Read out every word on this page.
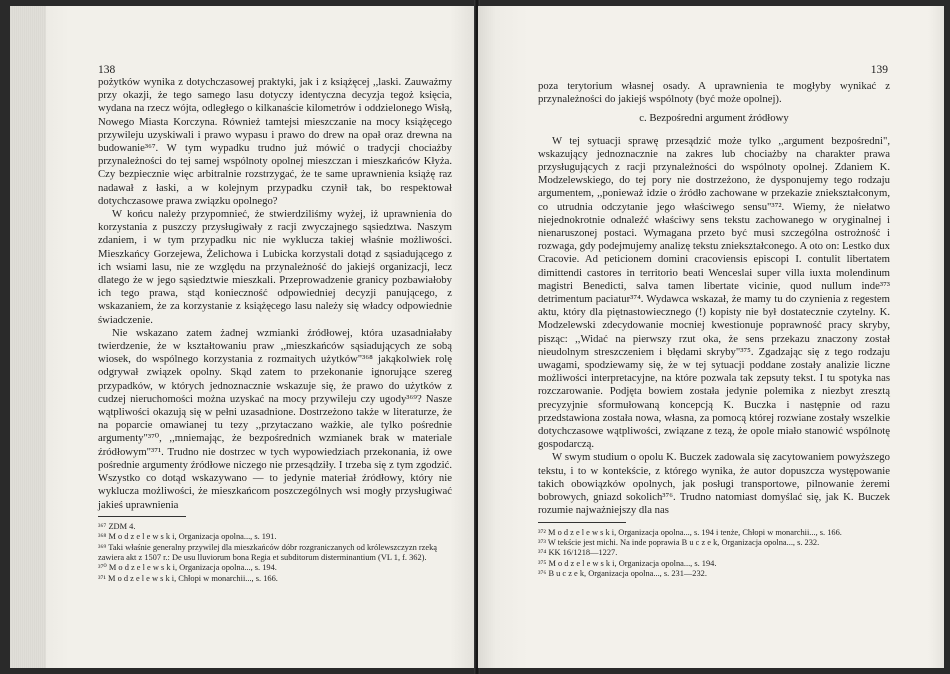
138

pożytków wynika z dotychczasowej praktyki, jak i z książęcej ,,laski. Zauważmy przy okazji, że tego samego lasu dotyczy identyczna decyzja tegoż księcia, wydana na rzecz wójta, odległego o kilkanaście kilometrów i oddzielonego Wisłą, Nowego Miasta Korczyna. Również tamtejsi mieszczanie na mocy książęcego przywileju uzyskiwali i prawo wypasu i prawo do drew na opał oraz drewna na budowanie³⁶⁷. W tym wypadku trudno już mówić o tradycji chociażby przynależności do tej samej wspólnoty opolnej mieszczan i mieszkańców Kłyża. Czy bezpiecznie więc arbitralnie rozstrzygać, że te same uprawnienia książę raz nadawał z łaski, a w kolejnym przypadku czynił tak, bo respektował dotychczasowe prawa związku opolnego?

W końcu należy przypomnieć, że stwierdziliśmy wyżej, iż uprawnienia do korzystania z puszczy przysługiwały z racji zwyczajnego sąsiedztwa. Naszym zdaniem, i w tym przypadku nic nie wyklucza takiej właśnie możliwości. Mieszkańcy Gorzejewa, Żelichowa i Lubicka korzystali dotąd z sąsiadującego z ich wsiami lasu, nie ze względu na przynależność do jakiejś organizacji, lecz dlatego że w jego sąsiedztwie mieszkali. Przeprowadzenie granicy pozbawiałoby ich tego prawa, stąd konieczność odpowiedniej decyzji panującego, z wskazaniem, że za korzystanie z książęcego lasu należy się władcy odpowiednie świadczenie.

Nie wskazano zatem żadnej wzmianki źródłowej, która uzasadniałaby twierdzenie, że w kształtowaniu praw ,,mieszkańców sąsiadujących ze sobą wiosek, do wspólnego korzystania z rozmaitych użytków"³⁶⁸ jakąkolwiek rolę odgrywał związek opolny. Skąd zatem to przekonanie ignorujące szereg przypadków, w których jednoznacznie wskazuje się, że prawo do użytków z cudzej nieruchomości można uzyskać na mocy przywileju czy ugody³⁶⁹? Nasze wątpliwości okazują się w pełni uzasadnione. Dostrzeżono także w literaturze, że na poparcie omawianej tu tezy ,,przytaczano ważkie, ale tylko pośrednie argumenty"³⁷⁰, ,,mniemając, że bezpośrednich wzmianek brak w materiale źródłowym"³⁷¹. Trudno nie dostrzec w tych wypowiedziach przekonania, iż owe pośrednie argumenty źródłowe niczego nie przesądziły. I trzeba się z tym zgodzić. Wszystko co dotąd wskazywano — to jedynie materiał źródłowy, który nie wyklucza możliwości, że mieszkańcom poszczególnych wsi mogły przysługiwać jakieś uprawnienia

³⁶⁷ ZDM 4.

³⁶⁸ M o d z e l e w s k i, Organizacja opolna..., s. 191.

³⁶⁹ Taki właśnie generalny przywilej dla mieszkańców dóbr rozgraniczanych od królewszczyzn rzeką zawiera akt z 1507 r.: De usu lluviorum bona Regia et subditorum disterminantium (VL 1, f. 362).

³⁷⁰ M o d z e l e w s k i, Organizacja opolna..., s. 194.

³⁷¹ M o d z e l e w s k i, Chłopi w monarchii..., s. 166.

139

poza terytorium własnej osady. A uprawnienia te mogłyby wynikać z przynależności do jakiejś wspólnoty (być może opolnej).

c. Bezpośredni argument źródłowy

W tej sytuacji sprawę przesądzić może tylko ,,argument bezpośredni", wskazujący jednoznacznie na zakres lub chociażby na charakter prawa przysługujących z racji przynależności do wspólnoty opolnej. Zdaniem K. Modzelewskiego, do tej pory nie dostrzeżono, że dysponujemy tego rodzaju argumentem, ,,ponieważ idzie o źródło zachowane w przekazie zniekształconym, co utrudnia odczytanie jego właściwego sensu"³⁷². Wiemy, że niełatwo niejednokrotnie odnaleźć właściwy sens tekstu zachowanego w oryginalnej i nienaruszonej postaci. Wymagana przeto być musi szczególna ostrożność i rozwaga, gdy podejmujemy analizę tekstu zniekształconego. A oto on: Lestko dux Cracovie. Ad peticionem domini cracoviensis episcopi I. contulit libertatem dimittendi castores in territorio beati Wenceslai super villa iuxta molendinum magistri Benedicti, salva tamen libertate vicinie, quod nullum inde³⁷³ detrimentum paciatur³⁷⁴. Wydawca wskazał, że mamy tu do czynienia z regestem aktu, który dla piętnastowiecznego (!) kopisty nie był dostatecznie czytelny. K. Modzelewski zdecydowanie mocniej kwestionuje poprawność pracy skryby, pisząc: ,,Widać na pierwszy rzut oka, że sens przekazu znaczony został nieudolnym streszczeniem i błędami skryby"³⁷⁵. Zgadzając się z tego rodzaju uwagami, spodziewamy się, że w tej sytuacji poddane zostały analizie liczne możliwości interpretacyjne, na które pozwala tak zepsuty tekst. I tu spotyka nas rozczarowanie. Podjęta bowiem została jedynie polemika z niezbyt zresztą precyzyjnie sformułowaną koncepcją K. Buczka i następnie od razu przedstawiona została nowa, własna, za pomocą której rozwiane zostały wszelkie dotychczasowe wątpliwości, związane z tezą, że opole miało stanowić wspólnotę gospodarczą.

W swym studium o opolu K. Buczek zadowala się zacytowaniem powyższego tekstu, i to w kontekście, z którego wynika, że autor dopuszcza występowanie takich obowiązków opolnych, jak posługi transportowe, pilnowanie żeremi bobrowych, gniazd sokolich³⁷⁶. Trudno natomiast domyślać się, jak K. Buczek rozumie najważniejszy dla nas

³⁷² M o d z e l e w s k i, Organizacja opolna..., s. 194 i tenże, Chłopi w monarchii..., s. 166.

³⁷³ W tekście jest michi. Na inde poprawia B u c z e k, Organizacja opolna..., s. 232.

³⁷⁴ KK 16/1218—1227.

³⁷⁵ M o d z e l e w s k i, Organizacja opolna..., s. 194.

³⁷⁶ B u c z e k, Organizacja opolna..., s. 231—232.
